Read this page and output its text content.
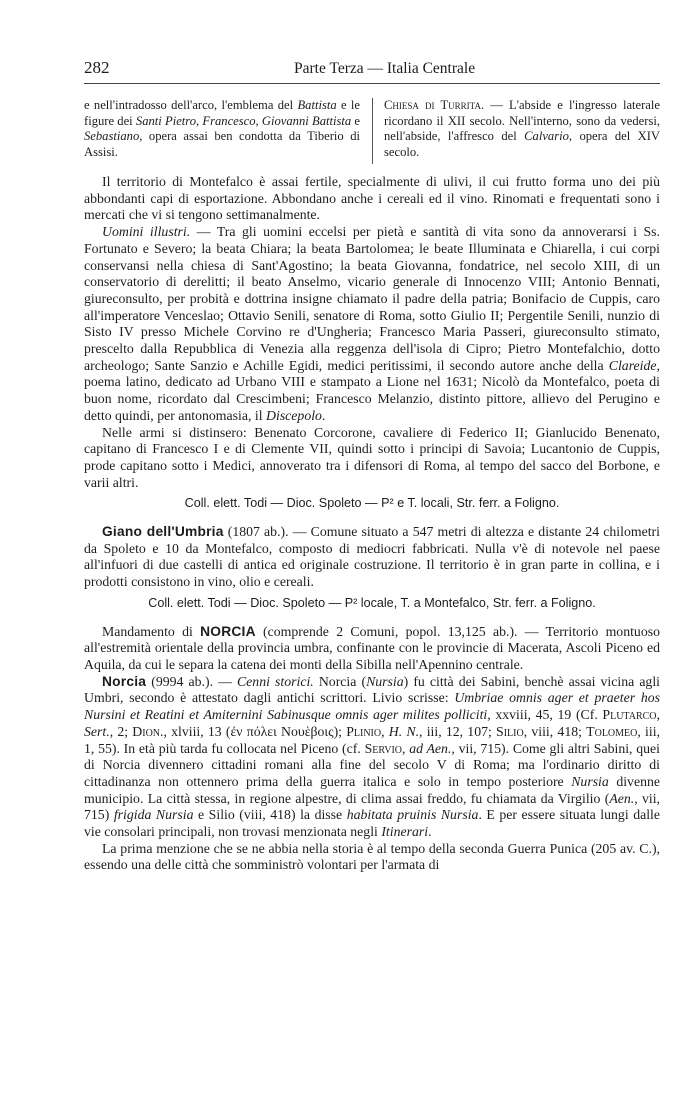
282	Parte Terza — Italia Centrale
e nell'intradosso dell'arco, l'emblema del Battista e le figure dei Santi Pietro, Francesco, Giovanni Battista e Sebastiano, opera assai ben condotta da Tiberio di Assisi.
Chiesa di Turrita. — L'abside e l'ingresso laterale ricordano il XII secolo. Nell'interno, sono da vedersi, nell'abside, l'affresco del Calvario, opera del XIV secolo.

Il territorio di Montefalco è assai fertile, specialmente di ulivi, il cui frutto forma uno dei più abbondanti capi di esportazione. Abbondano anche i cereali ed il vino. Rinomati e frequentati sono i mercati che vi si tengono settimanalmente.

Uomini illustri. — Tra gli uomini eccelsi per pietà e santità di vita sono da annoverarsi i Ss. Fortunato e Severo; la beata Chiara; la beata Bartolomea; le beate Illuminata e Chiarella, i cui corpi conservansi nella chiesa di Sant'Agostino; la beata Giovanna, fondatrice, nel secolo XIII, di un conservatorio di derelitti; il beato Anselmo, vicario generale di Innocenzo VIII; Antonio Bennati, giureconsulto, per probità e dottrina insigne chiamato il padre della patria; Bonifacio de Cuppis, caro all'imperatore Venceslao; Ottavio Senili, senatore di Roma, sotto Giulio II; Pergentile Senili, nunzio di Sisto IV presso Michele Corvino re d'Ungheria; Francesco Maria Passeri, giureconsulto stimato, prescelto dalla Repubblica di Venezia alla reggenza dell'isola di Cipro; Pietro Montefalchio, dotto archeologo; Sante Sanzio e Achille Egidi, medici peritissimi, il secondo autore anche della Clareide, poema latino, dedicato ad Urbano VIII e stampato a Lione nel 1631; Nicolò da Montefalco, poeta di buon nome, ricordato dal Crescimbeni; Francesco Melanzio, distinto pittore, allievo del Perugino e detto quindi, per antonomasia, il Discepolo.

Nelle armi si distinsero: Benenato Corcorone, cavaliere di Federico II; Gianlucido Benenato, capitano di Francesco I e di Clemente VII, quindi sotto i principi di Savoia; Lucantonio de Cuppis, prode capitano sotto i Medici, annoverato tra i difensori di Roma, al tempo del sacco del Borbone, e varii altri.

Coll. elett. Todi — Dioc. Spoleto — P² e T. locali, Str. ferr. a Foligno.

Giano dell'Umbria (1807 ab.). — Comune situato a 547 metri di altezza e distante 24 chilometri da Spoleto e 10 da Montefalco, composto di mediocri fabbricati. Nulla v'è di notevole nel paese all'infuori di due castelli di antica ed originale costruzione. Il territorio è in gran parte in collina, e i prodotti consistono in vino, olio e cereali.

Coll. elett. Todi — Dioc. Spoleto — P² locale, T. a Montefalco, Str. ferr. a Foligno.

Mandamento di NORCIA (comprende 2 Comuni, popol. 13,125 ab.). — Territorio montuoso all'estremità orientale della provincia umbra, confinante con le provincie di Macerata, Ascoli Piceno ed Aquila, da cui le separa la catena dei monti della Sibilla nell'Apennino centrale.

Norcia (9994 ab.). — Cenni storici. Norcia (Nursia) fu città dei Sabini, benchè assai vicina agli Umbri, secondo è attestato dagli antichi scrittori. Livio scrisse: Umbriae omnis ager et praeter hos Nursini et Reatini et Amiternini Sabinusque omnis ager milites polliciti, xxviii, 45, 19 (Cf. Plutarco, Sert., 2; Dion., xlviii, 13 (ἐν πόλει Νουὲβοις); Plinio, H. N., iii, 12, 107; Silio, viii, 418; Tolomeo, iii, 1, 55). In età più tarda fu collocata nel Piceno (cf. Servio, ad Aen., vii, 715). Come gli altri Sabini, quei di Norcia divennero cittadini romani alla fine del secolo V di Roma; ma l'ordinario diritto di cittadinanza non ottennero prima della guerra italica e solo in tempo posteriore Nursia divenne municipio. La città stessa, in regione alpestre, di clima assai freddo, fu chiamata da Virgilio (Aen., vii, 715) frigida Nursia e Silio (viii, 418) la disse habitata pruinis Nursia. E per essere situata lungi dalle vie consolari principali, non trovasi menzionata negli Itinerari.

La prima menzione che se ne abbia nella storia è al tempo della seconda Guerra Punica (205 av. C.), essendo una delle città che somministrò volontari per l'armata di
